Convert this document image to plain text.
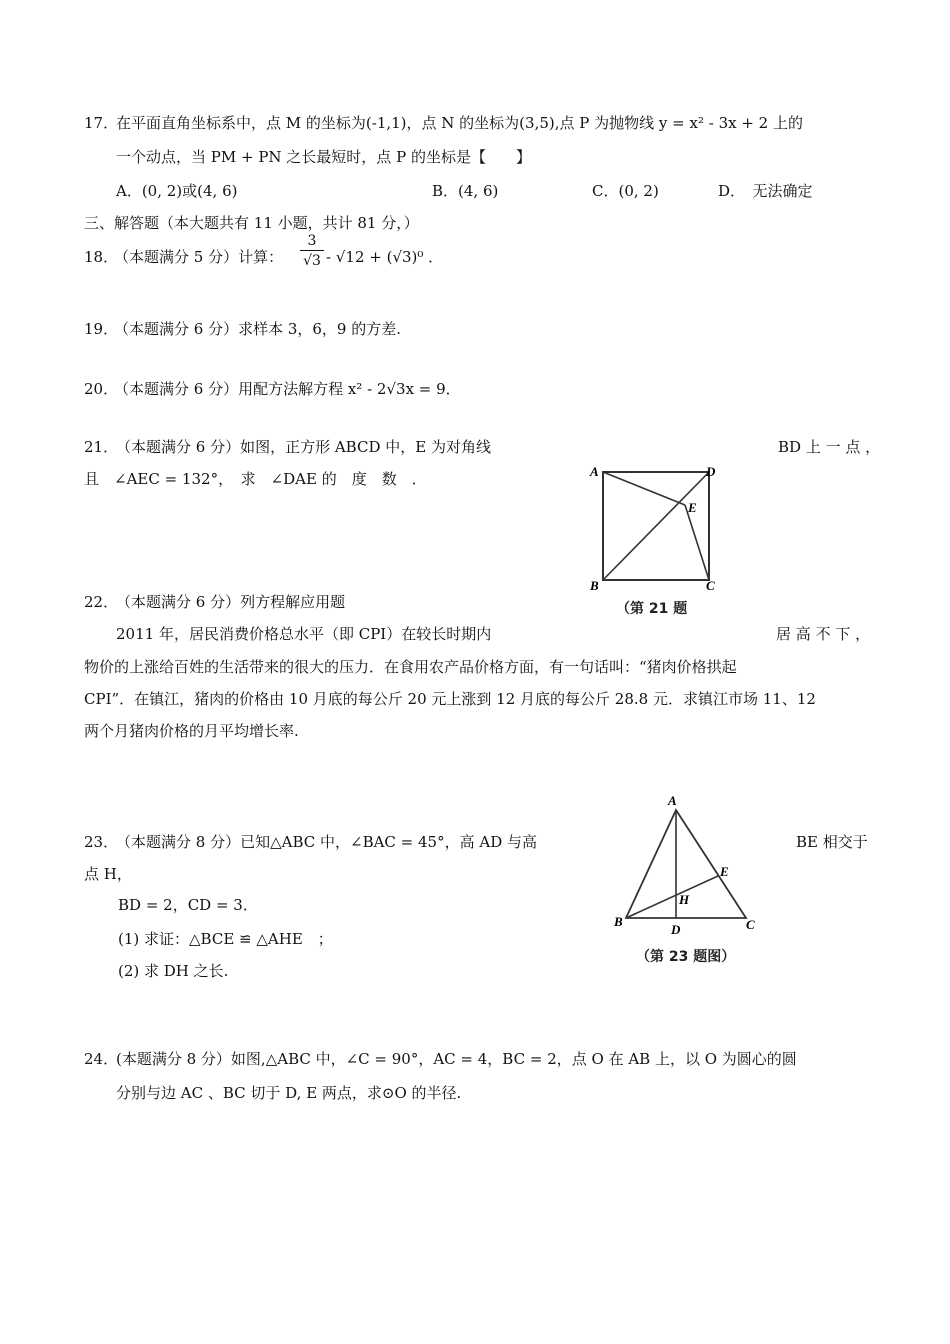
17．
在平面直角坐标系中，点 M 的坐标为(-1,1)，点 N 的坐标为(3,5),点 P 为抛物线 y = x² - 3x + 2 上的
一个动点，当 PM + PN 之长最短时，点 P 的坐标是【　　】
A．(0, 2)或(4, 6)	B．(4, 6)	C．(0, 2)	D．　无法确定
三、解答题（本大题共有 11 小题，共计 81 分，）
18．
（本题满分 5 分）计算：
3
√3 - √12 + (√3)⁰ ．
19．
（本题满分 6 分）求样本 3，6，9 的方差.
20．
（本题满分 6 分）用配方法解方程 x² - 2√3x = 9．
21．
（本题满分 6 分）如图，正方形 ABCD 中，E 为对角线	BD 上 一 点 ，
且　∠AEC = 132°，　求　∠DAE 的　度　数　．	A	D
E
B	C
（第 21 题
22．
（本题满分 6 分）列方程解应用题
2011 年，居民消费价格总水平（即 CPI）在较长时期内	居 高 不 下 ，
物价的上涨给百姓的生活带来的很大的压力．在食用农产品价格方面，有一句话叫：“猪肉价格拱起
CPI”．在镇江，猪肉的价格由 10 月底的每公斤 20 元上涨到 12 月底的每公斤 28.8 元．求镇江市场 11、12
两个月猪肉价格的月平均增长率.
23．
（本题满分 8 分）已知△ABC 中，∠BAC = 45°，高 AD 与高	BE 相交于
点 H，
BD = 2，CD = 3．
(1) 求证：△BCE ≌ △AHE　；
(2) 求 DH 之长.
A
E
H
B
D	C
（第 23 题图）
24．
(本题满分 8 分）如图,△ABC 中，∠C = 90°，AC = 4，BC = 2，点 O 在 AB 上，以 O 为圆心的圆
分别与边 AC 、BC 切于 D, E 两点，求⊙O 的半径.
